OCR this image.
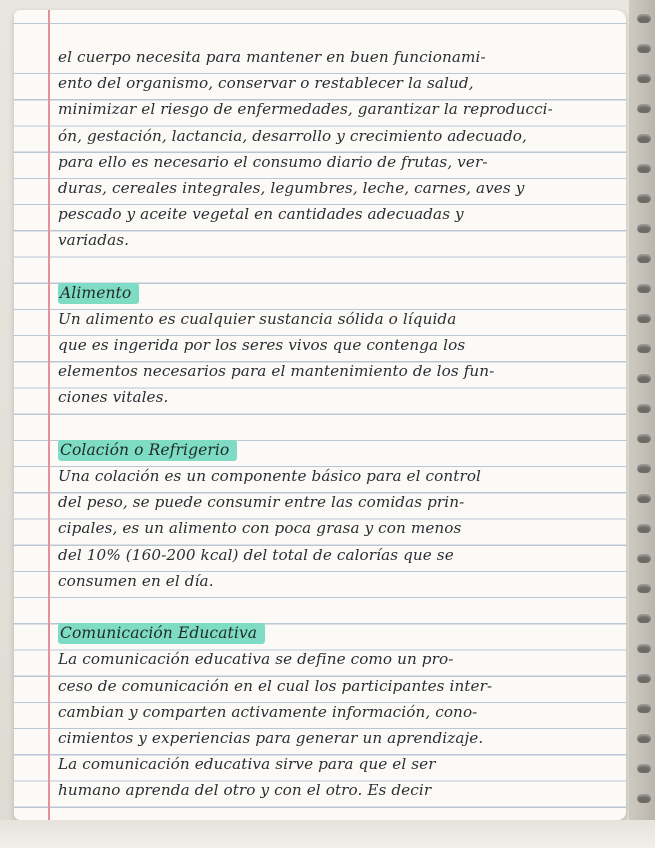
el cuerpo necesita para mantener en buen funcionami-
ento del organismo, conservar o restablecer la salud,
minimizar el riesgo de enfermedades, garantizar la reproducci-
ón, gestación, lactancia, desarrollo y crecimiento adecuado,
para ello es necesario el consumo diario de frutas, ver-
duras, cereales integrales, legumbres, leche, carnes, aves y
pescado y aceite vegetal en cantidades adecuadas y
variadas.
Alimento
Un alimento es cualquier sustancia sólida o líquida
que es ingerida por los seres vivos que contenga los
elementos necesarios para el mantenimiento de los fun-
ciones vitales.
Colación o Refrigerio
Una colación es un componente básico para el control
del peso, se puede consumir entre las comidas prin-
cipales, es un alimento con poca grasa y con menos
del 10% (160-200 kcal) del total de calorías que se
consumen en el día.
Comunicación Educativa
La comunicación educativa se define como un pro-
ceso de comunicación en el cual los participantes inter-
cambian y comparten activamente información, cono-
cimientos y experiencias para generar un aprendizaje.
La comunicación educativa sirve para que el ser
humano aprenda del otro y con el otro. Es decir
